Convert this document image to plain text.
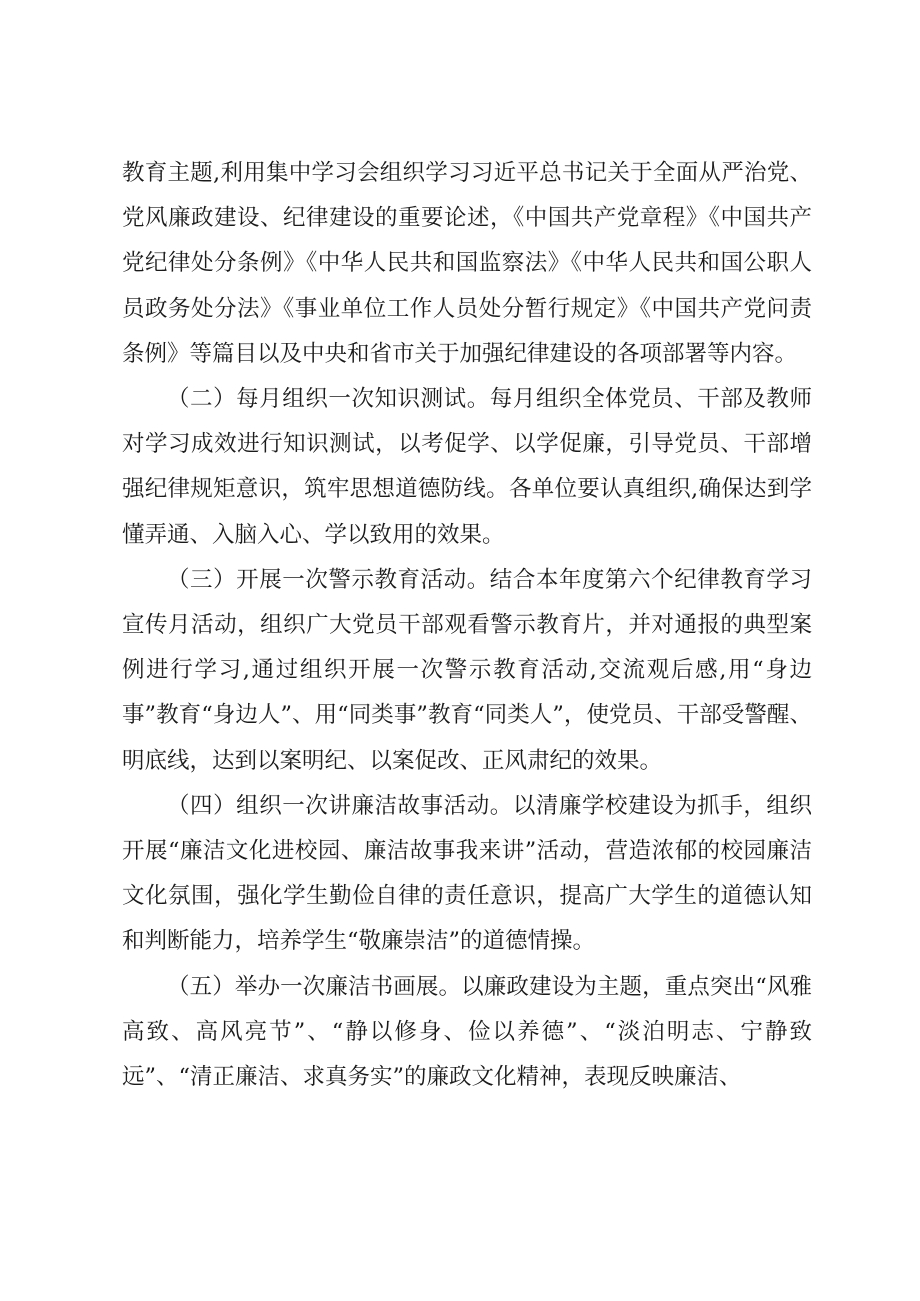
教育主题,利用集中学习会组织学习习近平总书记关于全面从严治党、党风廉政建设、纪律建设的重要论述，《中国共产党章程》《中国共产党纪律处分条例》《中华人民共和国监察法》《中华人民共和国公职人员政务处分法》《事业单位工作人员处分暂行规定》《中国共产党问责条例》等篇目以及中央和省市关于加强纪律建设的各项部署等内容。

（二）每月组织一次知识测试。每月组织全体党员、干部及教师对学习成效进行知识测试，以考促学、以学促廉，引导党员、干部增强纪律规矩意识，筑牢思想道德防线。各单位要认真组织,确保达到学懂弄通、入脑入心、学以致用的效果。

（三）开展一次警示教育活动。结合本年度第六个纪律教育学习宣传月活动，组织广大党员干部观看警示教育片，并对通报的典型案例进行学习,通过组织开展一次警示教育活动,交流观后感,用“身边事”教育“身边人”、用“同类事”教育“同类人”，使党员、干部受警醒、明底线，达到以案明纪、以案促改、正风肃纪的效果。

（四）组织一次讲廉洁故事活动。以清廉学校建设为抓手，组织开展“廉洁文化进校园、廉洁故事我来讲”活动，营造浓郁的校园廉洁文化氛围，强化学生勤俭自律的责任意识，提高广大学生的道德认知和判断能力，培养学生“敬廉崇洁”的道德情操。

（五）举办一次廉洁书画展。以廉政建设为主题，重点突出“风雅高致、高风亮节”、“静以修身、俭以养德”、“淡泊明志、宁静致远”、“清正廉洁、求真务实”的廉政文化精神，表现反映廉洁、
